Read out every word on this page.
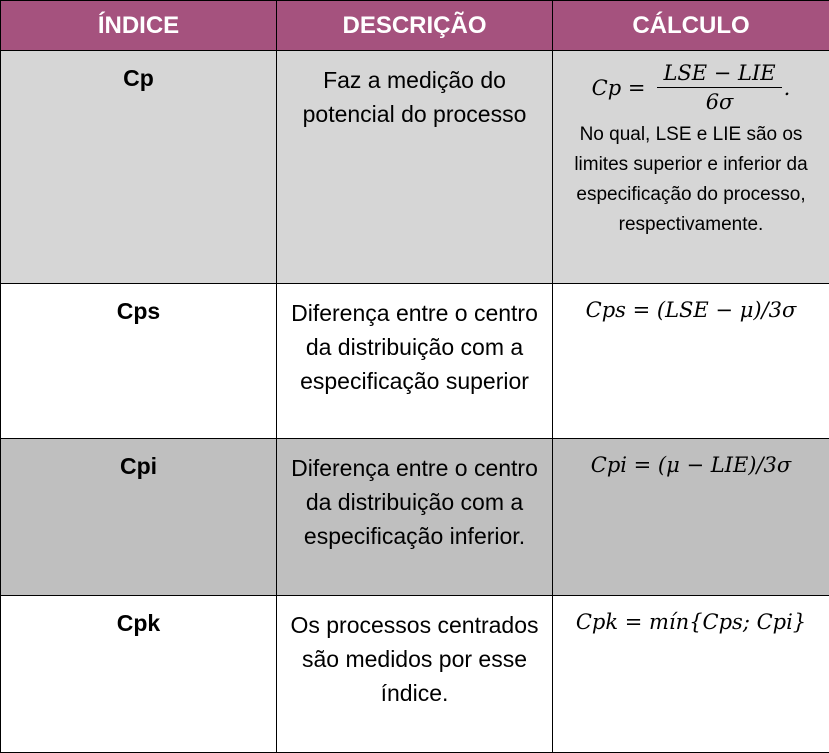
ÍNDICE	DESCRIÇÃO	CÁLCULO
Cp	Faz a medição do potencial do processo	$Cp = \frac{\text{LSE − LIE}}{6\sigma}$ .
No qual, LSE e LIE são os limites superior e inferior da especificação do processo, respectivamente.

Cps	Diferença entre o centro da distribuição com a especificação superior	Cps = (LSE − μ)/3σ

Cpi	Diferença entre o centro da distribuição com a especificação inferior.	Cpi = (μ − LIE)/3σ

Cpk	Os processos centrados são medidos por esse índice.	Cpk = mín{Cps; Cpi}
